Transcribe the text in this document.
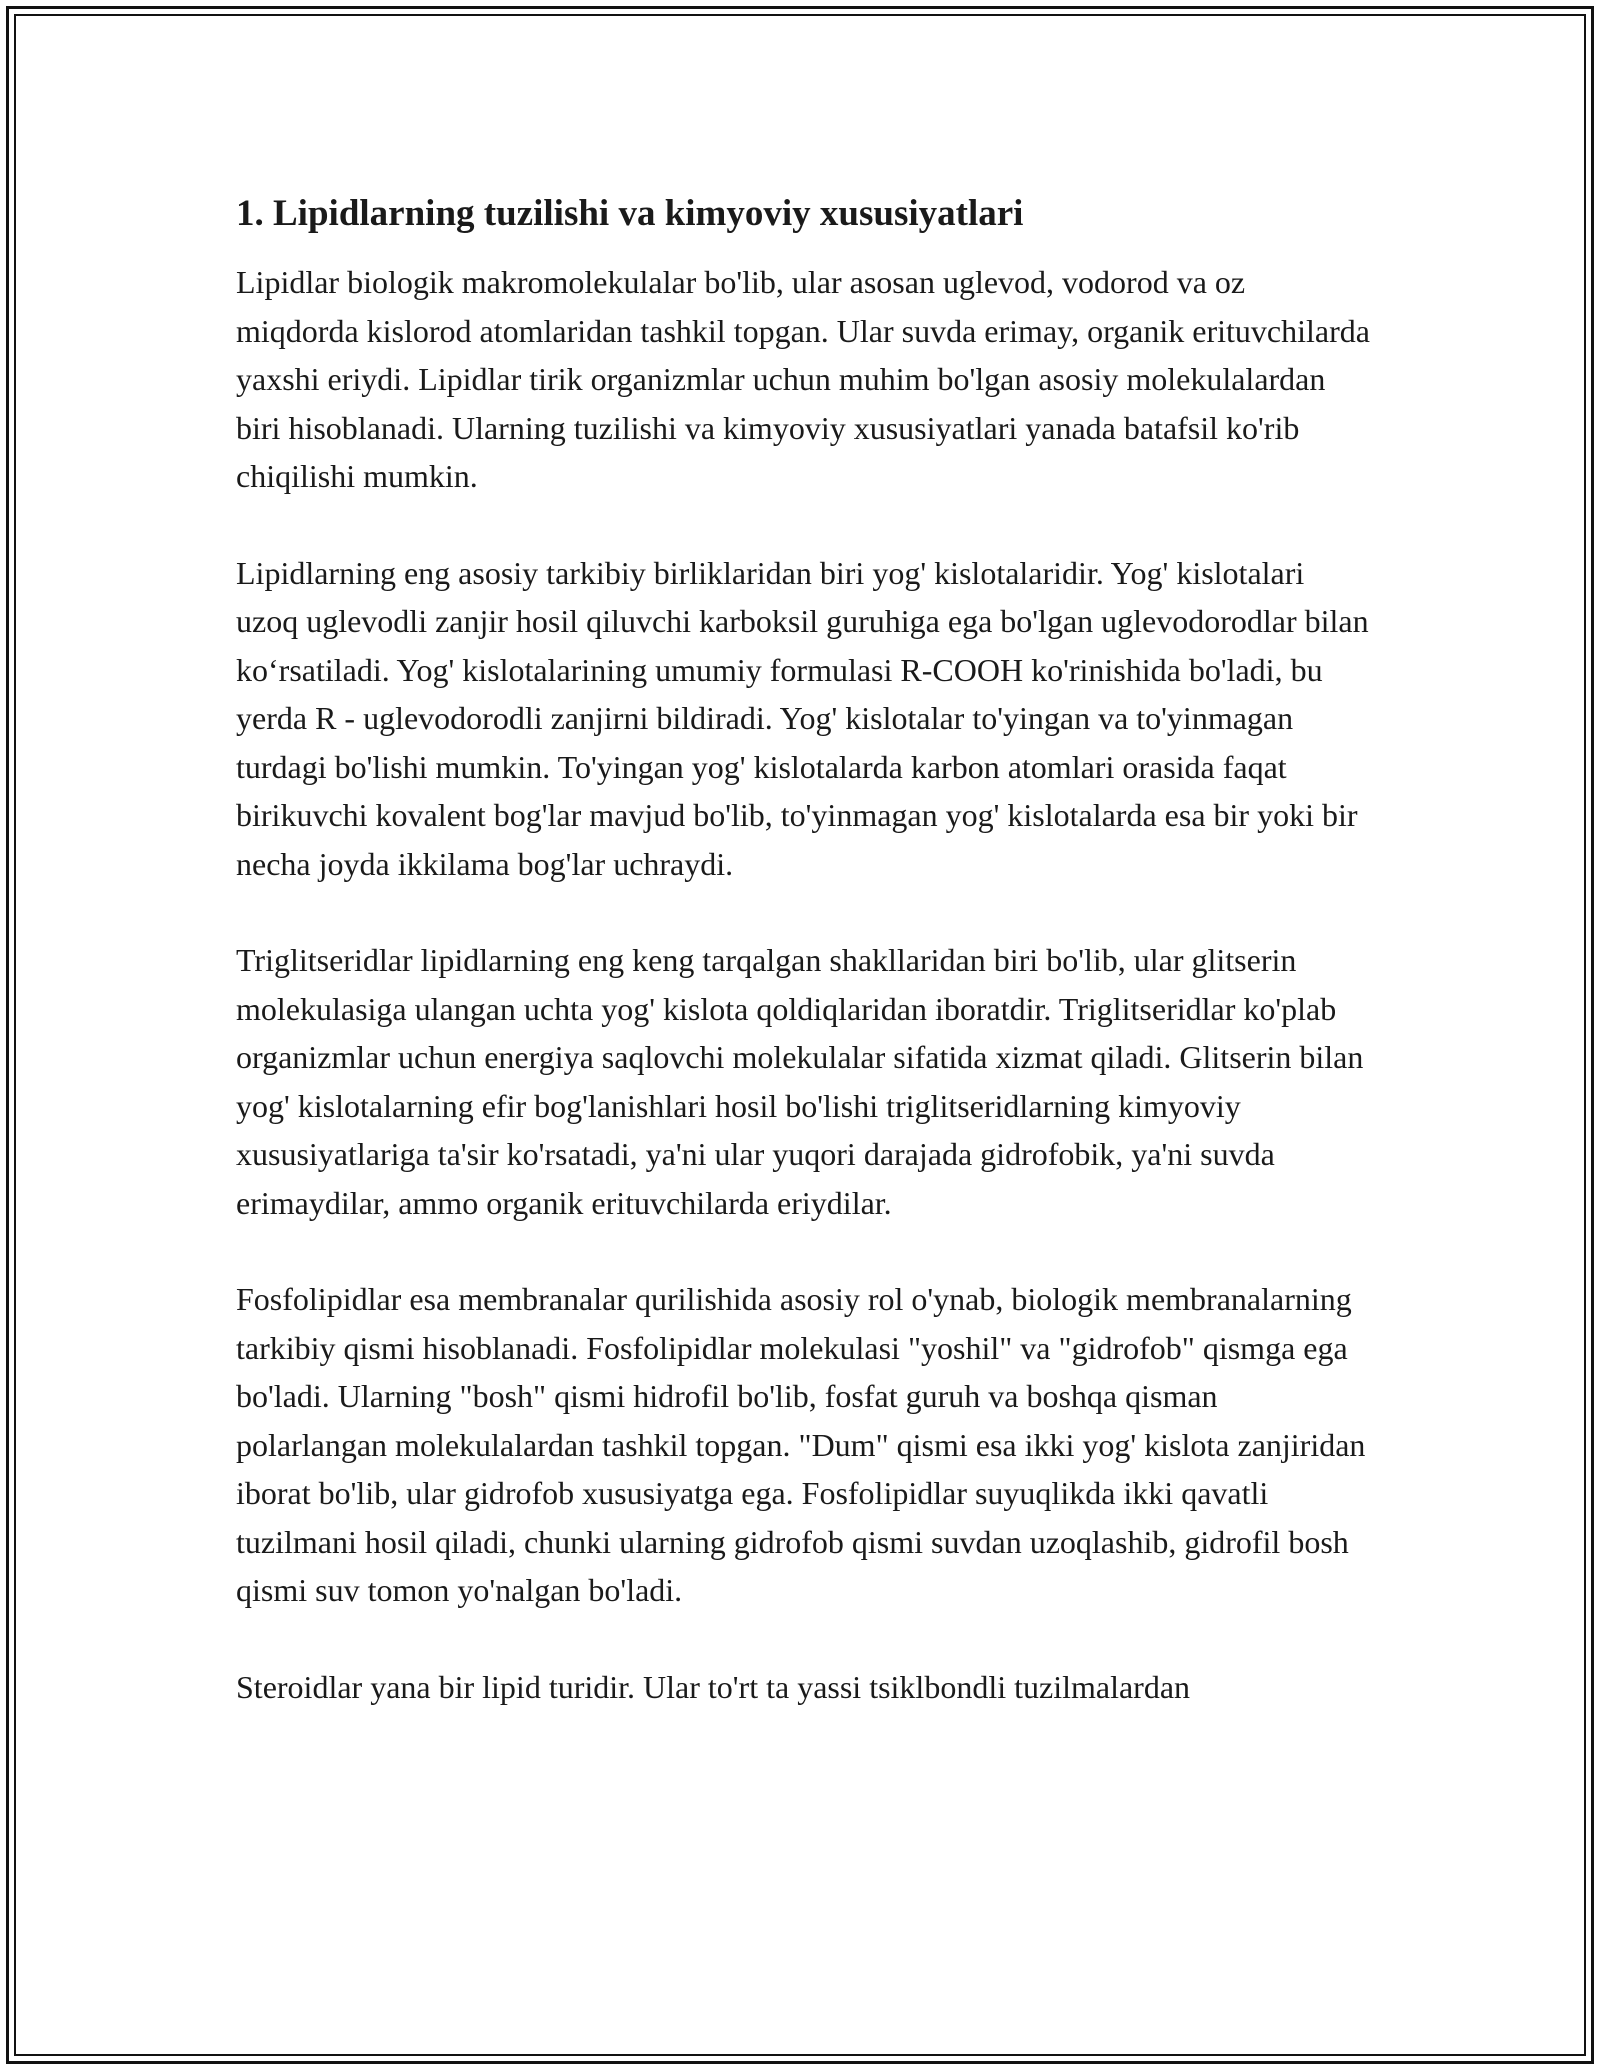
1. Lipidlarning tuzilishi va kimyoviy xususiyatlari

Lipidlar biologik makromolekulalar bo'lib, ular asosan uglevod, vodorod va oz miqdorda kislorod atomlaridan tashkil topgan. Ular suvda erimay, organik erituvchilarda yaxshi eriydi. Lipidlar tirik organizmlar uchun muhim bo'lgan asosiy molekulalardan biri hisoblanadi. Ularning tuzilishi va kimyoviy xususiyatlari yanada batafsil ko'rib chiqilishi mumkin.

Lipidlarning eng asosiy tarkibiy birliklaridan biri yog' kislotalaridir. Yog' kislotalari uzoq uglevodli zanjir hosil qiluvchi karboksil guruhiga ega bo'lgan uglevodorodlar bilan ko‘rsatiladi. Yog' kislotalarining umumiy formulasi R-COOH ko'rinishida bo'ladi, bu yerda R - uglevodorodli zanjirni bildiradi. Yog' kislotalar to'yingan va to'yinmagan turdagi bo'lishi mumkin. To'yingan yog' kislotalarda karbon atomlari orasida faqat birikuvchi kovalent bog'lar mavjud bo'lib, to'yinmagan yog' kislotalarda esa bir yoki bir necha joyda ikkilama bog'lar uchraydi.

Triglitseridlar lipidlarning eng keng tarqalgan shakllaridan biri bo'lib, ular glitserin molekulasiga ulangan uchta yog' kislota qoldiqlaridan iboratdir. Triglitseridlar ko'plab organizmlar uchun energiya saqlovchi molekulalar sifatida xizmat qiladi. Glitserin bilan yog' kislotalarning efir bog'lanishlari hosil bo'lishi triglitseridlarning kimyoviy xususiyatlariga ta'sir ko'rsatadi, ya'ni ular yuqori darajada gidrofobik, ya'ni suvda erimaydilar, ammo organik erituvchilarda eriydilar.

Fosfolipidlar esa membranalar qurilishida asosiy rol o'ynab, biologik membranalarning tarkibiy qismi hisoblanadi. Fosfolipidlar molekulasi "yoshil" va "gidrofob" qismga ega bo'ladi. Ularning "bosh" qismi hidrofil bo'lib, fosfat guruh va boshqa qisman polarlangan molekulalardan tashkil topgan. "Dum" qismi esa ikki yog' kislota zanjiridan iborat bo'lib, ular gidrofob xususiyatga ega. Fosfolipidlar suyuqlikda ikki qavatli tuzilmani hosil qiladi, chunki ularning gidrofob qismi suvdan uzoqlashib, gidrofil bosh qismi suv tomon yo'nalgan bo'ladi.

Steroidlar yana bir lipid turidir. Ular to'rt ta yassi tsiklbondli tuzilmalardan
